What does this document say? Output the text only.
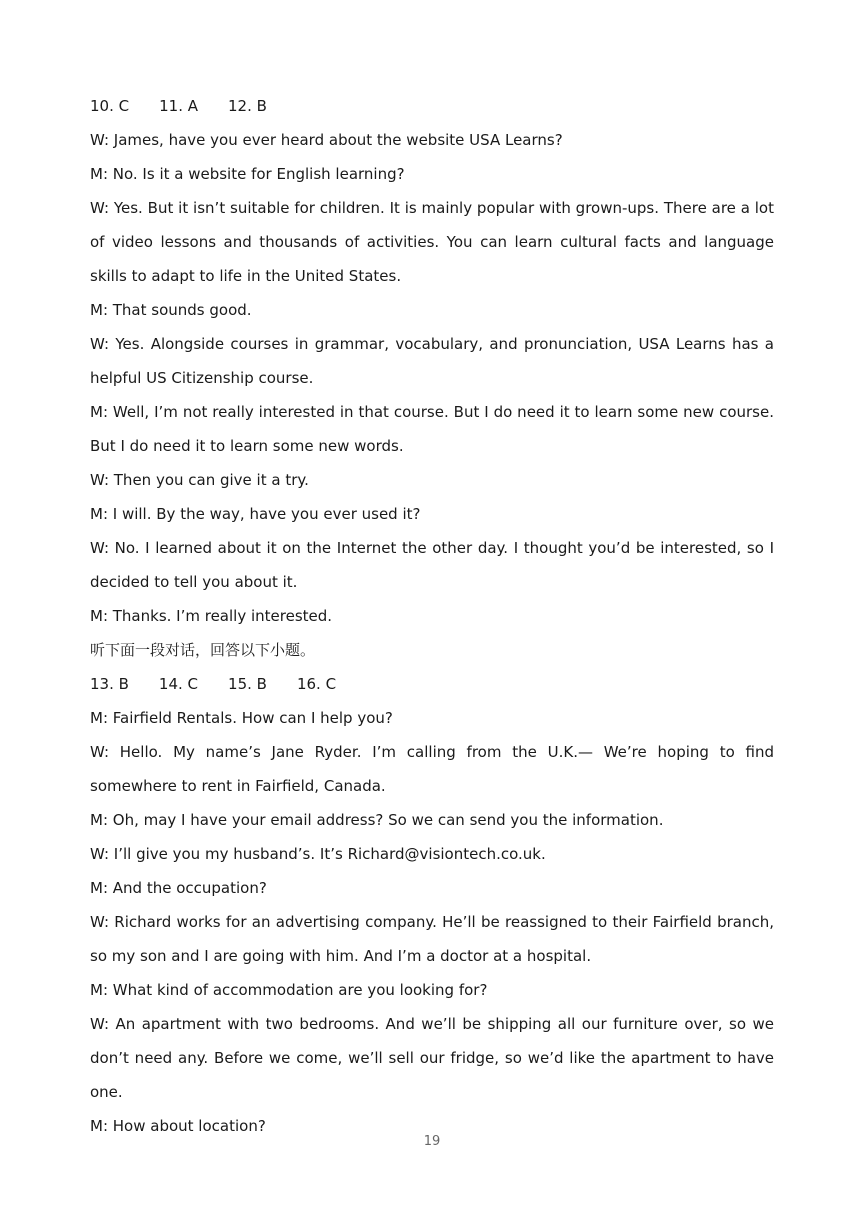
10. C 11. A 12. B

W: James, have you ever heard about the website USA Learns?

M: No. Is it a website for English learning?

W: Yes. But it isn’t suitable for children. It is mainly popular with grown-ups. There are a lot of video lessons and thousands of activities. You can learn cultural facts and language skills to adapt to life in the United States.

M: That sounds good.

W: Yes. Alongside courses in grammar, vocabulary, and pronunciation, USA Learns has a helpful US Citizenship course.

M: Well, I’m not really interested in that course. But I do need it to learn some new course. But I do need it to learn some new words.

W: Then you can give it a try.

M: I will. By the way, have you ever used it?

W: No. I learned about it on the Internet the other day. I thought you’d be interested, so I decided to tell you about it.

M: Thanks. I’m really interested.

听下面一段对话，回答以下小题。

13. B 14. C 15. B 16. C

M: Fairfield Rentals. How can I help you?

W: Hello. My name’s Jane Ryder. I’m calling from the U.K.— We’re hoping to find somewhere to rent in Fairfield, Canada.

M: Oh, may I have your email address? So we can send you the information.

W: I’ll give you my husband’s. It’s Richard@visiontech.co.uk.

M: And the occupation?

W: Richard works for an advertising company. He’ll be reassigned to their Fairfield branch, so my son and I are going with him. And I’m a doctor at a hospital.

M: What kind of accommodation are you looking for?

W: An apartment with two bedrooms. And we’ll be shipping all our furniture over, so we don’t need any. Before we come, we’ll sell our fridge, so we’d like the apartment to have one.

M: How about location?

19
